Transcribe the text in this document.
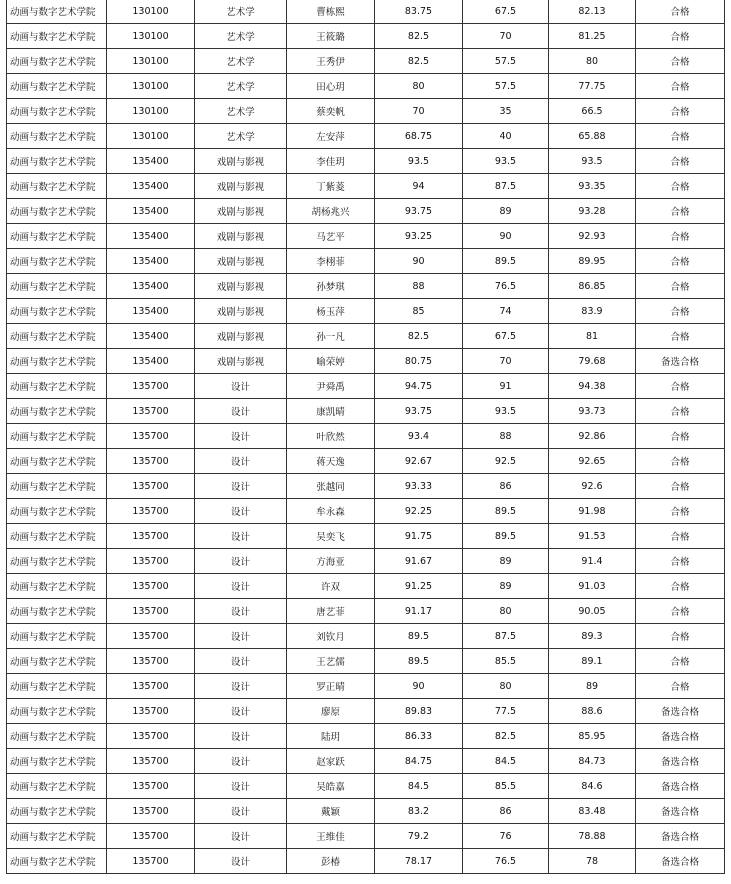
动画与数字艺术学院	130100	艺术学	曹栋熙	83.75	67.5	82.13	合格
动画与数字艺术学院	130100	艺术学	王筱璐	82.5	70	81.25	合格
动画与数字艺术学院	130100	艺术学	王秀伊	82.5	57.5	80	合格
动画与数字艺术学院	130100	艺术学	田心玥	80	57.5	77.75	合格
动画与数字艺术学院	130100	艺术学	蔡奕帆	70	35	66.5	合格
动画与数字艺术学院	130100	艺术学	左安萍	68.75	40	65.88	合格
动画与数字艺术学院	135400	戏剧与影视	李佳玥	93.5	93.5	93.5	合格
动画与数字艺术学院	135400	戏剧与影视	丁紫菱	94	87.5	93.35	合格
动画与数字艺术学院	135400	戏剧与影视	胡杨兆兴	93.75	89	93.28	合格
动画与数字艺术学院	135400	戏剧与影视	马艺平	93.25	90	92.93	合格
动画与数字艺术学院	135400	戏剧与影视	李栩菲	90	89.5	89.95	合格
动画与数字艺术学院	135400	戏剧与影视	孙梦琪	88	76.5	86.85	合格
动画与数字艺术学院	135400	戏剧与影视	杨玉萍	85	74	83.9	合格
动画与数字艺术学院	135400	戏剧与影视	孙一凡	82.5	67.5	81	合格
动画与数字艺术学院	135400	戏剧与影视	喻荣婷	80.75	70	79.68	备选合格
动画与数字艺术学院	135700	设计	尹舜禹	94.75	91	94.38	合格
动画与数字艺术学院	135700	设计	康凯晴	93.75	93.5	93.73	合格
动画与数字艺术学院	135700	设计	叶欣然	93.4	88	92.86	合格
动画与数字艺术学院	135700	设计	蒋天逸	92.67	92.5	92.65	合格
动画与数字艺术学院	135700	设计	张越同	93.33	86	92.6	合格
动画与数字艺术学院	135700	设计	牟永森	92.25	89.5	91.98	合格
动画与数字艺术学院	135700	设计	吴奕飞	91.75	89.5	91.53	合格
动画与数字艺术学院	135700	设计	方海亚	91.67	89	91.4	合格
动画与数字艺术学院	135700	设计	许双	91.25	89	91.03	合格
动画与数字艺术学院	135700	设计	唐艺菲	91.17	80	90.05	合格
动画与数字艺术学院	135700	设计	刘钦月	89.5	87.5	89.3	合格
动画与数字艺术学院	135700	设计	王艺儒	89.5	85.5	89.1	合格
动画与数字艺术学院	135700	设计	罗正晴	90	80	89	合格
动画与数字艺术学院	135700	设计	廖原	89.83	77.5	88.6	备选合格
动画与数字艺术学院	135700	设计	陆玥	86.33	82.5	85.95	备选合格
动画与数字艺术学院	135700	设计	赵家跃	84.75	84.5	84.73	备选合格
动画与数字艺术学院	135700	设计	吴皓嘉	84.5	85.5	84.6	备选合格
动画与数字艺术学院	135700	设计	戴颖	83.2	86	83.48	备选合格
动画与数字艺术学院	135700	设计	王维佳	79.2	76	78.88	备选合格
动画与数字艺术学院	135700	设计	彭椿	78.17	76.5	78	备选合格
